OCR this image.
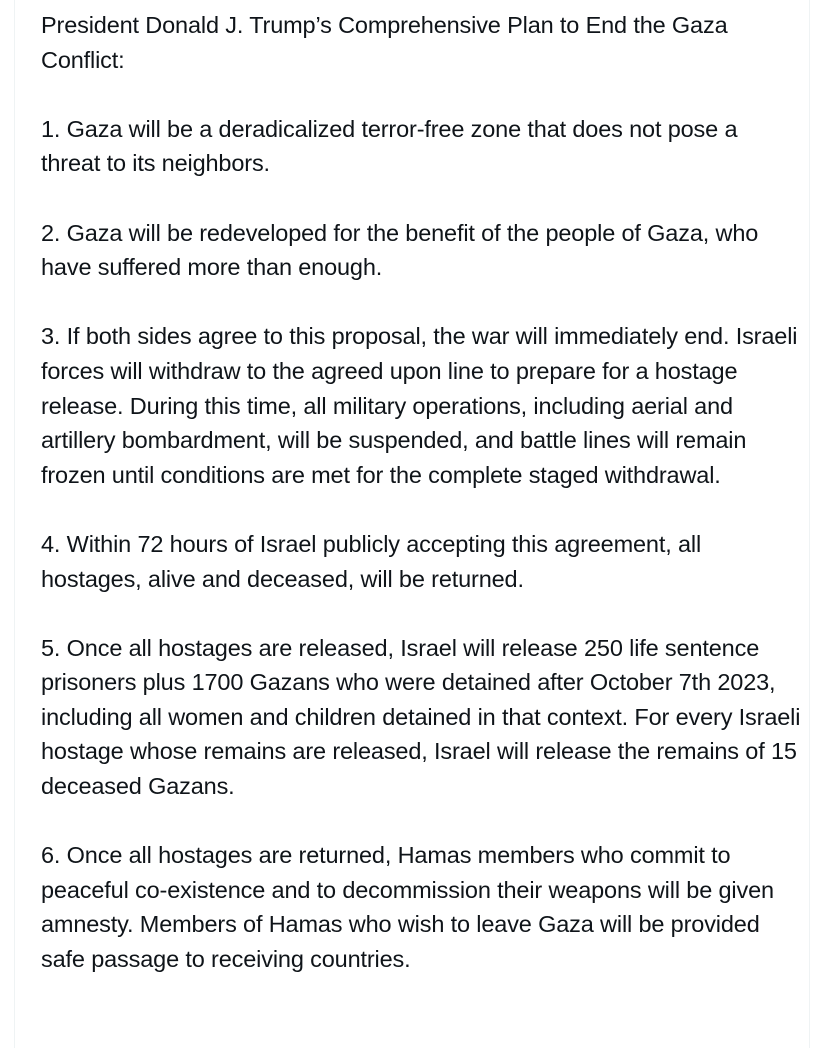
President Donald J. Trump’s Comprehensive Plan to End the Gaza Conflict:

1. Gaza will be a deradicalized terror-free zone that does not pose a threat to its neighbors.

2. Gaza will be redeveloped for the benefit of the people of Gaza, who have suffered more than enough.

3. If both sides agree to this proposal, the war will immediately end. Israeli forces will withdraw to the agreed upon line to prepare for a hostage release. During this time, all military operations, including aerial and artillery bombardment, will be suspended, and battle lines will remain frozen until conditions are met for the complete staged withdrawal.

4. Within 72 hours of Israel publicly accepting this agreement, all hostages, alive and deceased, will be returned.

5. Once all hostages are released, Israel will release 250 life sentence prisoners plus 1700 Gazans who were detained after October 7th 2023, including all women and children detained in that context. For every Israeli hostage whose remains are released, Israel will release the remains of 15 deceased Gazans.

6. Once all hostages are returned, Hamas members who commit to peaceful co-existence and to decommission their weapons will be given amnesty. Members of Hamas who wish to leave Gaza will be provided safe passage to receiving countries.
